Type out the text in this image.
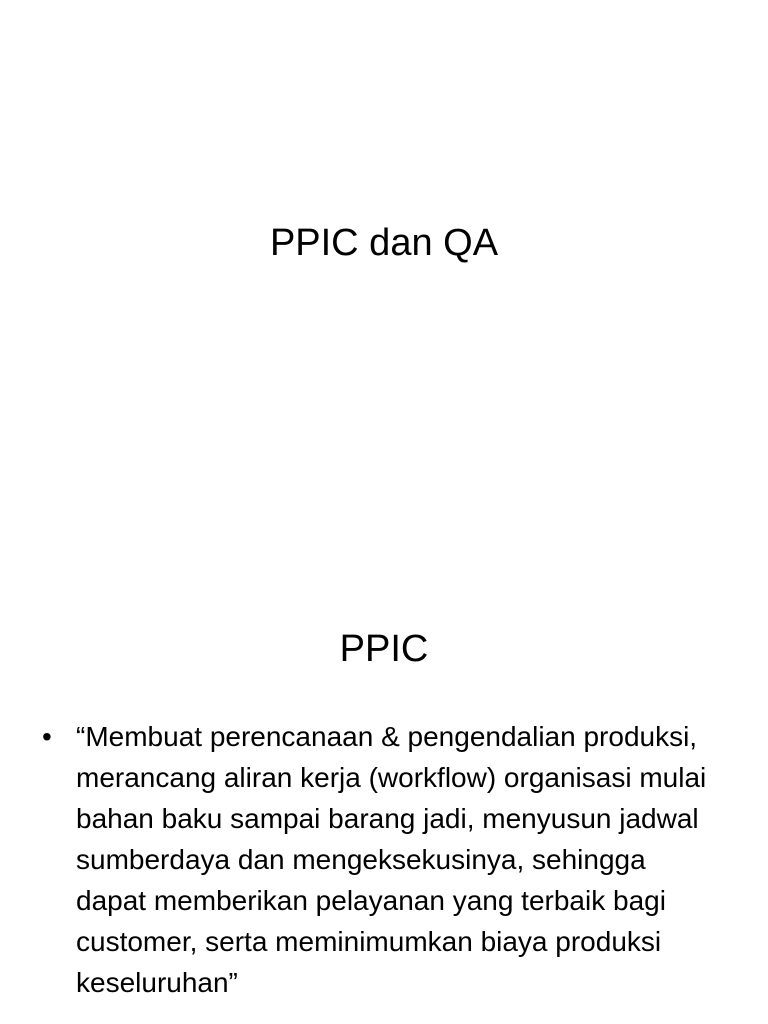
PPIC dan QA
PPIC
• “Membuat perencanaan & pengendalian produksi, merancang aliran kerja (workflow) organisasi mulai bahan baku sampai barang jadi, menyusun jadwal sumberdaya dan mengeksekusinya, sehingga dapat memberikan pelayanan yang terbaik bagi customer, serta meminimumkan biaya produksi keseluruhan”
